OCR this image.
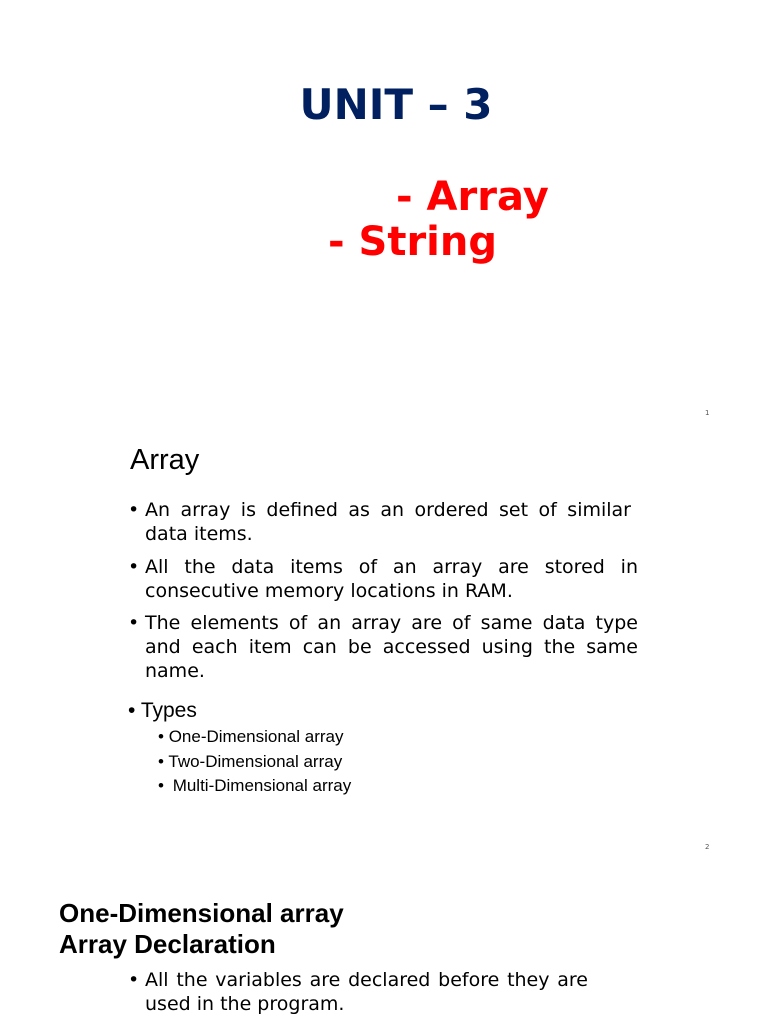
UNIT – 3
- Array
- String
1
Array
• An array is defined as an ordered set of similar data items.
• All the data items of an array are stored in consecutive memory locations in RAM.
• The elements of an array are of same data type and each item can be accessed using the same name.
• Types
• One-Dimensional array
• Two-Dimensional array
• Multi-Dimensional array
2
One-Dimensional array
Array Declaration
• All the variables are declared before they are used in the program.
